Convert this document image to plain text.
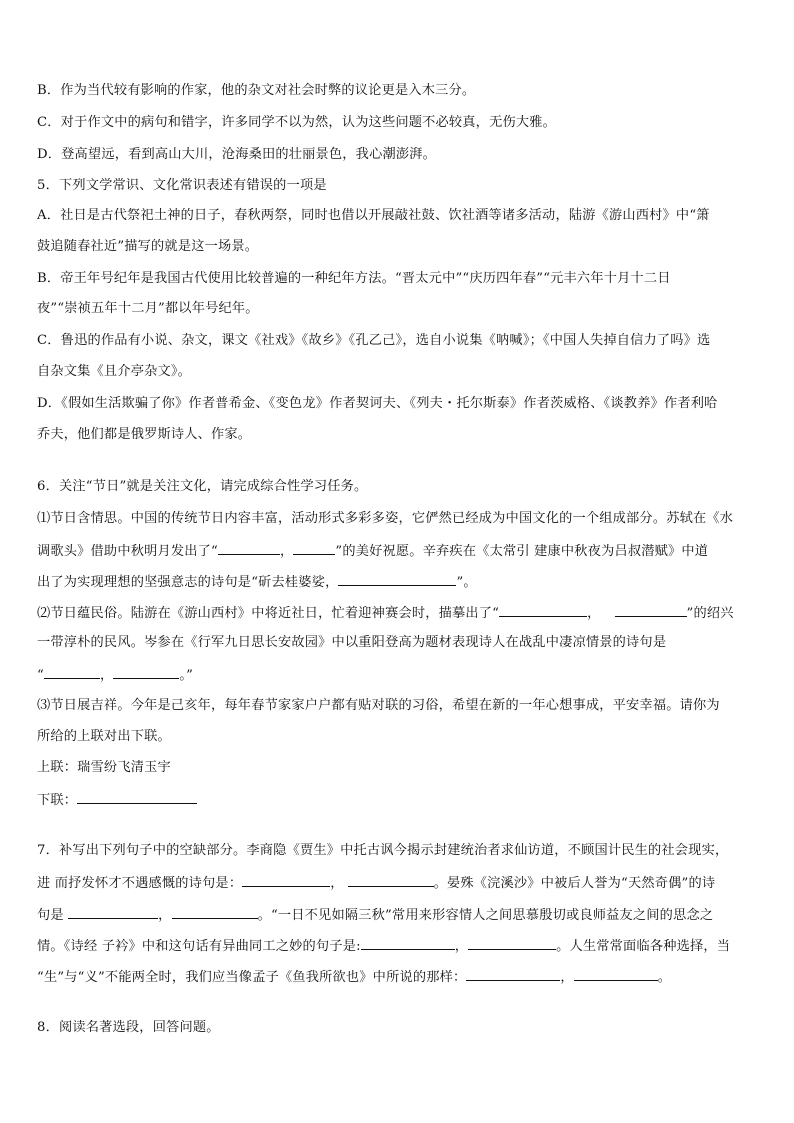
B．作为当代较有影响的作家，他的杂文对社会时弊的议论更是入木三分。
C．对于作文中的病句和错字，许多同学不以为然，认为这些问题不必较真，无伤大雅。
D．登高望远，看到高山大川，沧海桑田的壮丽景色，我心潮澎湃。
5．下列文学常识、文化常识表述有错误的一项是
A．社日是古代祭祀土神的日子，春秋两祭，同时也借以开展敲社鼓、饮社酒等诸多活动，陆游《游山西村》中“箫
鼓追随春社近”描写的就是这一场景。
B．帝王年号纪年是我国古代使用比较普遍的一种纪年方法。“晋太元中”“庆历四年春”“元丰六年十月十二日
夜”“崇祯五年十二月”都以年号纪年。
C．鲁迅的作品有小说、杂文，课文《社戏》《故乡》《孔乙己》，选自小说集《呐喊》；《中国人失掉自信力了吗》选
自杂文集《且介亭杂文》。
D．《假如生活欺骗了你》作者普希金、《变色龙》作者契诃夫、《列夫・托尔斯泰》作者茨威格、《谈教养》作者利哈
乔夫，他们都是俄罗斯诗人、作家。
6．关注“节日”就是关注文化，请完成综合性学习任务。
⑴节日含情思。中国的传统节日内容丰富，活动形式多彩多姿，它俨然已经成为中国文化的一个组成部分。苏轼在《水
调歌头》借助中秋明月发出了“	，	”的美好祝愿。辛弃疾在《太常引 建康中秋夜为吕叔潜赋》中道
出了为实现理想的坚强意志的诗句是“斫去桂婆娑，	”。
⑵节日蕴民俗。陆游在《游山西村》中将近社日，忙着迎神赛会时，描摹出了“	，	”的绍兴
一带淳朴的民风。岑参在《行军九日思长安故园》中以重阳登高为题材表现诗人在战乱中凄凉情景的诗句是
“	，	。”
⑶节日展吉祥。今年是己亥年，每年春节家家户户都有贴对联的习俗，希望在新的一年心想事成，平安幸福。请你为
所给的上联对出下联。
上联：瑞雪纷飞清玉宇
下联：
7．补写出下列句子中的空缺部分。李商隐《贾生》中托古讽今揭示封建统治者求仙访道，不顾国计民生的社会现实，
进 而抒发怀才不遇感慨的诗句是：	，	。晏殊《浣溪沙》中被后人誉为“天然奇偶”的诗
句是	，	。“一日不见如隔三秋”常用来形容情人之间思慕殷切或良师益友之间的思念之
情。《诗经 子衿》中和这句话有异曲同工之妙的句子是:	，	。人生常常面临各种选择，当
“生”与“义”不能两全时，我们应当像孟子《鱼我所欲也》中所说的那样：	，	。
8．阅读名著选段，回答问题。
